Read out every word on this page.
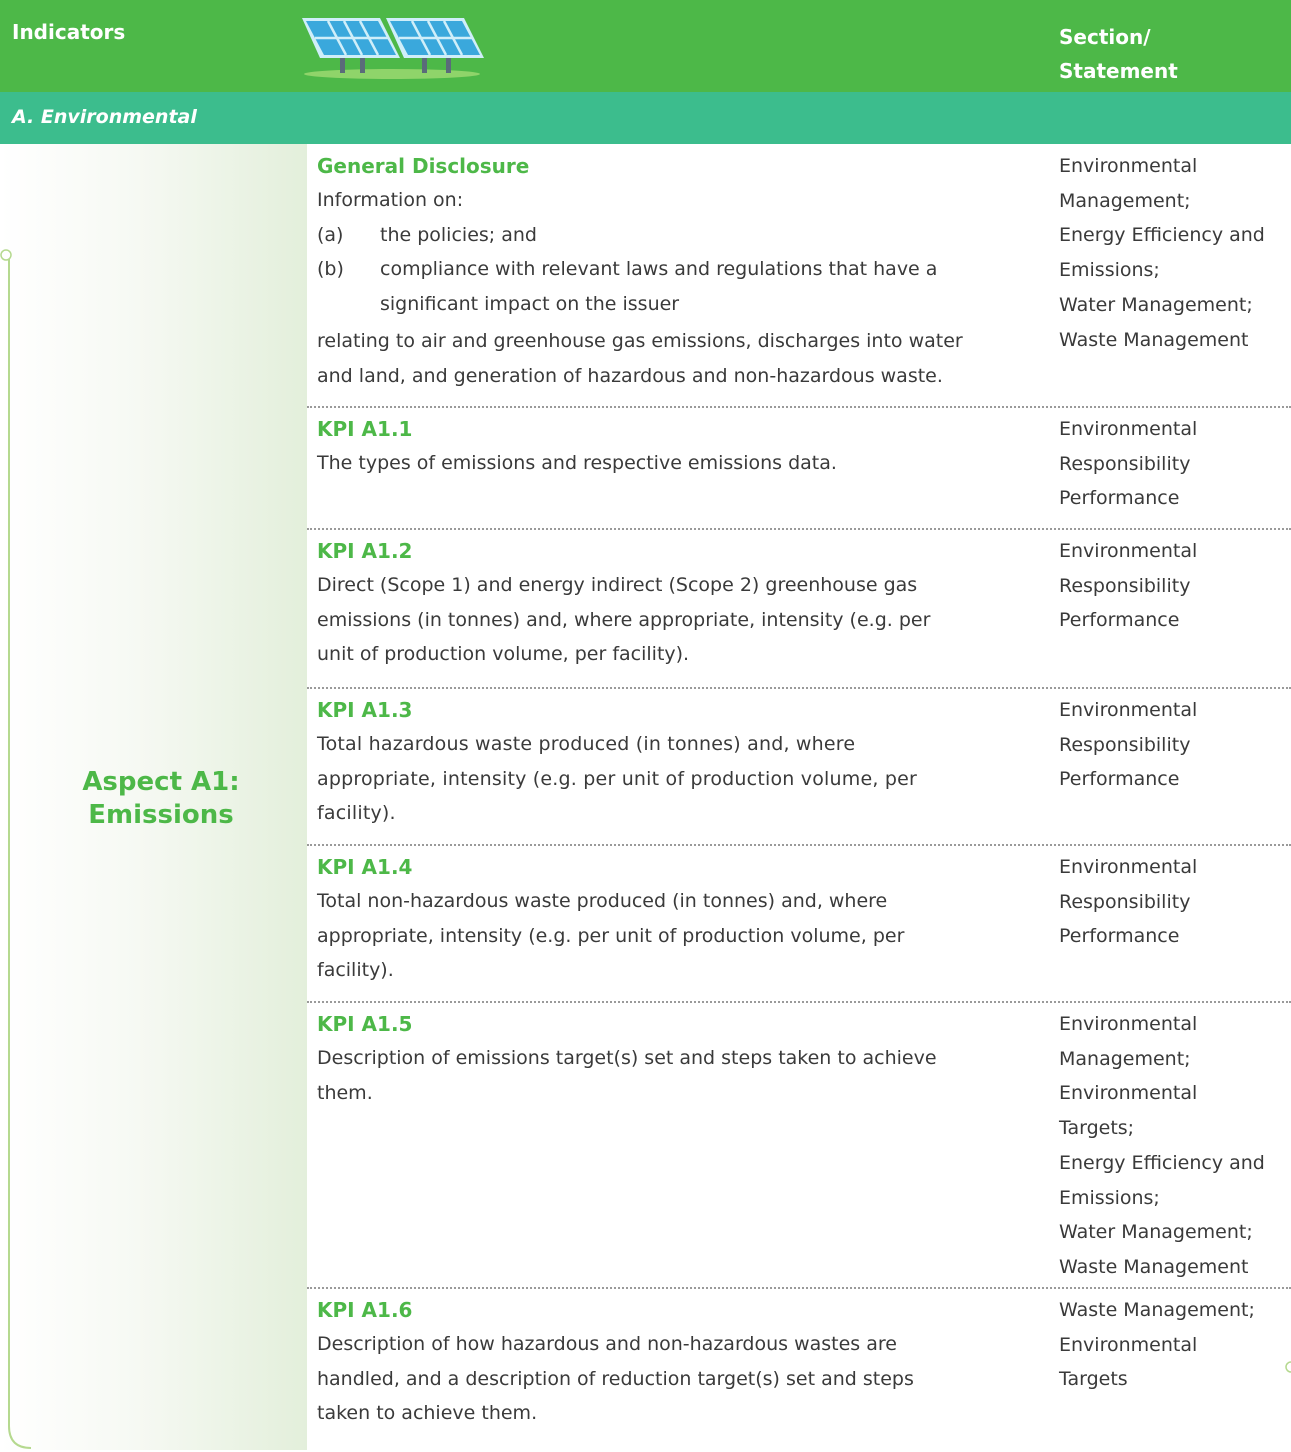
Indicators	Section/
Statement
A. Environmental
Aspect A1:
Emissions
General Disclosure
Information on:
(a) the policies; and
(b) compliance with relevant laws and regulations that have a
significant impact on the issuer
relating to air and greenhouse gas emissions, discharges into water
and land, and generation of hazardous and non-hazardous waste.
Environmental
Management;
Energy Efficiency and
Emissions;
Water Management;
Waste Management
KPI A1.1
The types of emissions and respective emissions data.
Environmental
Responsibility
Performance
KPI A1.2
Direct (Scope 1) and energy indirect (Scope 2) greenhouse gas
emissions (in tonnes) and, where appropriate, intensity (e.g. per
unit of production volume, per facility).
Environmental
Responsibility
Performance
KPI A1.3
Total hazardous waste produced (in tonnes) and, where
appropriate, intensity (e.g. per unit of production volume, per
facility).
Environmental
Responsibility
Performance
KPI A1.4
Total non-hazardous waste produced (in tonnes) and, where
appropriate, intensity (e.g. per unit of production volume, per
facility).
Environmental
Responsibility
Performance
KPI A1.5
Description of emissions target(s) set and steps taken to achieve
them.
Environmental
Management;
Environmental
Targets;
Energy Efficiency and
Emissions;
Water Management;
Waste Management
KPI A1.6
Description of how hazardous and non-hazardous wastes are
handled, and a description of reduction target(s) set and steps
taken to achieve them.
Waste Management;
Environmental
Targets
